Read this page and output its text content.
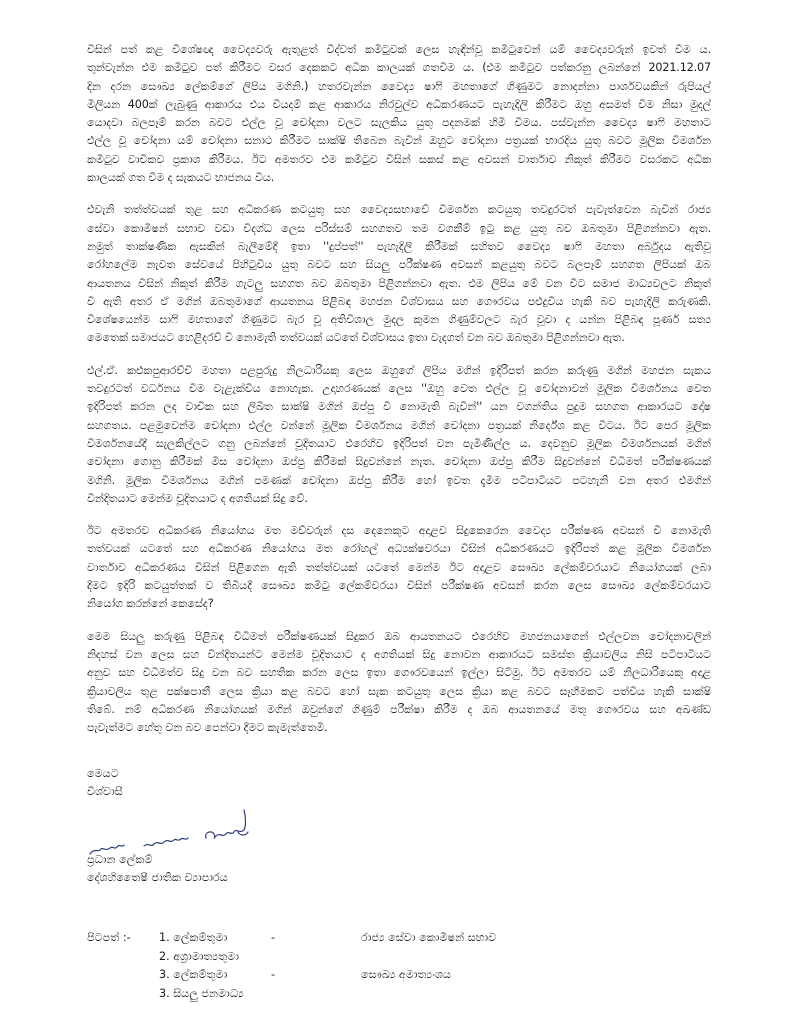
විසින් පත් කළ විශේෂඥ වෛද්‍යවරු ඇතුළත් විද්වත් කමිටුවක් ලෙස හැඳින්වූ කමිටුවෙන් යම් වෛද්‍යවරුන් ඉවත් වීම ය.
තුන්වැන්න එම කමිටුව පත් කිරීමට වසර දෙකකට අධික කාලයක් ගතවීම ය. (එම කමිටුව පත්කරනු ලබන්නේ 2021.12.07
දින දරන සෞඛ්‍ය ලේකම්ගේ ලිපිය මගිනි.) හතරවැන්න වෛද්‍ය ෂාෆි මහතාගේ ගිණුමට නොදන්නා පාර්ශවයකින් රුපියල්
මිලියන 400ක් ලැබුණු ආකාරය එය වියදම් කළ ආකාරය නිරවුල්ව අධිකරණයට පැහැදිලි කිරීමට ඔහු අසමත් වීම නිසා මුදල්
යොදවා බලපෑම් කරන බවට එල්ල වූ චෝදනා වලට සැලකිය යුතු පදනමක් හිමි වීමය. පස්වැන්න වෛද්‍ය ෂාෆි මහතාට
එල්ල වූ චෝදනා යම් චෝදනා සනාථ කිරීමට සාක්ෂි තිබෙන බැවින් ඔහුට චෝදනා පත්‍රයක් භාරදිය යුතු බවට මූලික විමර්ශන
කමිටුව වාචිකව ප්‍රකාශ කිරීමය. ඊට අමතරව එම කමිටුව විසින් සකස් කළ අවසන් වාර්තාව නිකුත් කිරීමට වසරකට අධික
කාලයක් ගත වීම ද සැකයට භාජනය විය.
එවැනි තත්ත්වයක් තුළ සහ අධිකරණ කටයුතු සහ වෛද්‍යසභාවේ විමර්ශන කටයුතු තවදුරටත් පැවැත්වෙන බැවින් රාජ්‍ය
සේවා කොමිෂන් සභාව වඩා විදග්ධ ලෙස පරිස්සම් සහගතව තම වගකීම් ඉටු කළ යුතු බව ඔබතුමා පිළිගන්නවා ඇත.
නමුත් තාක්ෂණික ඇසකින් බැලීමේදී ඉතා ''දුප්පත්'' පැහැදිලි කිරීමක් සහිතව වෛද්‍ය ෂාෆි මහතා අර්බුදය ඇතිවූ
රෝහලේම නැවත සේවයේ පිහිටුවිය යුතු බවට සහ සියලු පරීක්ෂණ අවසන් කළයුතු බවට බලපෑම් සහගත ලිපියක් ඔබ
ආයතනය විසින් නිකුත් කිරීම ගැටලු සහගත බව ඔබතුමා පිළිගන්නවා ඇත. එම ලිපිය මේ වන විට සමාජ මාධ්‍යවලට නිකුත්
වී ඇති අතර ඒ මගින් ඔබතුමාගේ ආයතනය පිළිබඳ මහජන විශ්වාසය සහ ගෞරවය පළුදුවිය හැකි බව පැහැදිලි කරුණකි.
විශේෂයෙන්ම සාෆි මහතාගේ ගිණුමට බැර වූ අතිවිශාල මුදල කුමන ගිණුම්වලට බැර වූවා ද යන්න පිළිබඳ පූර්ණ සත්‍ය
මෙතෙක් සමාජයට හෙළිදරව් වී නොමැති තත්වයක් යටතේ විශ්වාසය ඉතා වැදගත් වන බව ඔබතුමා පිළිගන්නවා ඇත.
එල්.ඒ. කළුකපුආරච්චි මහතා පළපුරුදු නිලධාරියකු ලෙස ඔහුගේ ලිපිය මගින් ඉදිරිපත් කරන කරුණු මගින් මහජන සැකය
තවදුරටත් වර්ධනය වීම වැළැක්විය නොහැක. උදාහරණයක් ලෙස ''ඔහු වෙත එල්ල වූ චෝදනාවන් මූලික විමර්ශනය වෙත
ඉදිරිපත් කරන ලද වාචික සහ ලිඛිත සාක්ෂි මගින් ඔප්පු වී නොමැති බැවින්'' යන වගන්තිය පුදුම සහගත ආකාරයට දෝෂ
සහගතය. පළමුවෙන්ම චෝදනා එල්ල වන්නේ මූලික විමර්ශනය මගින් චෝදනා පත්‍රයක් නිර්දේශ කළ විටය. ඊට පෙර මූලික
විමර්ශනයේදී සැලකිල්ලට ගනු ලබන්නේ චූදිතයාට එරෙහිව ඉදිරිපත් වන පැමිණිල්ල ය. දෙවනුව මූලික විමර්ශනයක් මගින්
චෝදනා ගොනු කිරීමක් මිස චෝදනා ඔප්පු කිරීමක් සිදුවන්නේ නැත. චෝදනා ඔප්පු කිරීම සිදුවන්නේ විධිමත් පරීක්ෂණයක්
මගිනි. මූලික විමර්ශනය මගින් පමණක් චෝදනා ඔප්පු කිරීම හෝ ඉවත දැමීම පටිපාටියට පටහැනි වන අතර එමගින්
වින්දිතයාට මෙන්ම චූදිතයාට ද අගතියක් සිදු වේ.
ඊට අමතරව අධිකරණ නියෝගය මත මව්වරුන් දස දෙනෙකුට අදාළව සිදුකෙරෙන වෛද්‍ය පරීක්ෂණ අවසන් වී නොමැති
තත්වයක් යටතේ සහ අධිකරණ නියෝගය මත රෝහල් අධ්‍යක්ෂවරයා විසින් අධිකරණයට ඉදිරිපත් කළ මූලික විමර්ශන
වාර්තාව අධිකරණය විසින් පිළිගෙන ඇති තත්ත්වයක් යටතේ මෙන්ම ඊට අදාළව සෞඛ්‍ය ලේකම්වරයාට නියෝගයක් ලබා
දීමට ඉදිරි කටයුත්තක් ව තිබියදී සෞඛ්‍ය කමිටු ලේකම්වරයා විසින් පරීක්ෂණ අවසන් කරන ලෙස සෞඛ්‍ය ලේකම්වරයාට
නියෝග කරන්නේ කෙසේද?
මෙම සියලු කරුණු පිළිබඳ විධිමත් පරීක්ෂණයක් සිදුකර ඔබ ආයතනයට එරෙහිව මහජනයාගෙන් එල්ලවන චෝදනාවලින්
නිදහස් වන ලෙස සහ වින්දිතයන්ට මෙන්ම චූදිතයාට ද අගතියක් සිදු නොවන ආකාරයට සමස්ත ක්‍රියාවලිය නිසි පටිපාටියට
අනුව සහ විධිමත්ව සිදු වන බව සහතික කරන ලෙස ඉතා ගෞරවයෙන් ඉල්ලා සිටිමු. ඊට අමතරව යම් නිලධාරියෙකු අදාළ
ක්‍රියාවලිය තුළ පක්ෂපාතී ලෙස ක්‍රියා කළ බවට හෝ සැක කටයුතු ලෙස ක්‍රියා කළ බවට සෑහීමකට පත්විය හැකි සාක්ෂි
තිබේ. නම් අධිකරණ නියෝගයක් මගින් ඔවුන්ගේ ගිණුම් පරීක්ෂා කිරීම ද ඔබ ආයතනයේ මතු ගෞරවය සහ අඛණ්ඩ
පැවැත්මට හේතු වන බව පෙන්වා දීමට කැමැත්තෙමි.
මෙයට
විශ්වාසී
ප්‍රධාන ලේකම්
දේශහිතෛෂී ජාතික ව්‍යාපාරය
පිටපත් :-	1. ලේකම්තුමා	-	රාජ්‍ය සේවා කොමිෂන් සභාව
2. අග්‍රාමාත්‍යතුමා
3. ලේකම්තුමා	-	සෞඛ්‍ය අමාත්‍යංශය
3. සියලු ජනමාධ්‍ය
